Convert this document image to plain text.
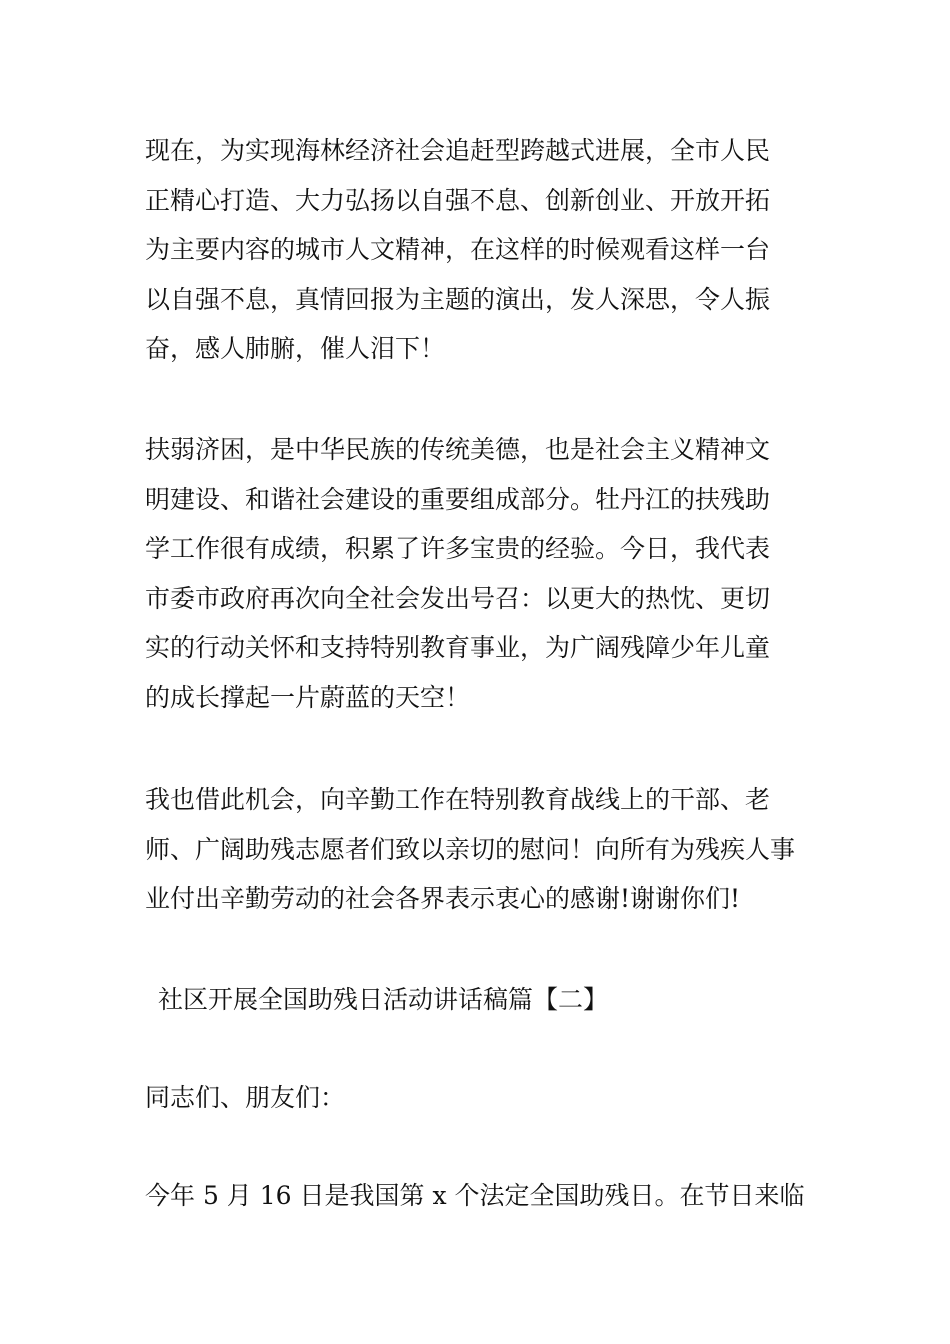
现在，为实现海林经济社会追赶型跨越式进展，全市人民
正精心打造、大力弘扬以自强不息、创新创业、开放开拓
为主要内容的城市人文精神，在这样的时候观看这样一台
以自强不息，真情回报为主题的演出，发人深思，令人振
奋，感人肺腑，催人泪下！
扶弱济困，是中华民族的传统美德，也是社会主义精神文
明建设、和谐社会建设的重要组成部分。牡丹江的扶残助
学工作很有成绩，积累了许多宝贵的经验。今日，我代表
市委市政府再次向全社会发出号召：以更大的热忱、更切
实的行动关怀和支持特别教育事业，为广阔残障少年儿童
的成长撑起一片蔚蓝的天空！
我也借此机会，向辛勤工作在特别教育战线上的干部、老
师、广阔助残志愿者们致以亲切的慰问！向所有为残疾人事
业付出辛勤劳动的社会各界表示衷心的感谢!谢谢你们!
社区开展全国助残日活动讲话稿篇【二】
同志们、朋友们：
今年 5 月 16 日是我国第 x 个法定全国助残日。在节日来临
